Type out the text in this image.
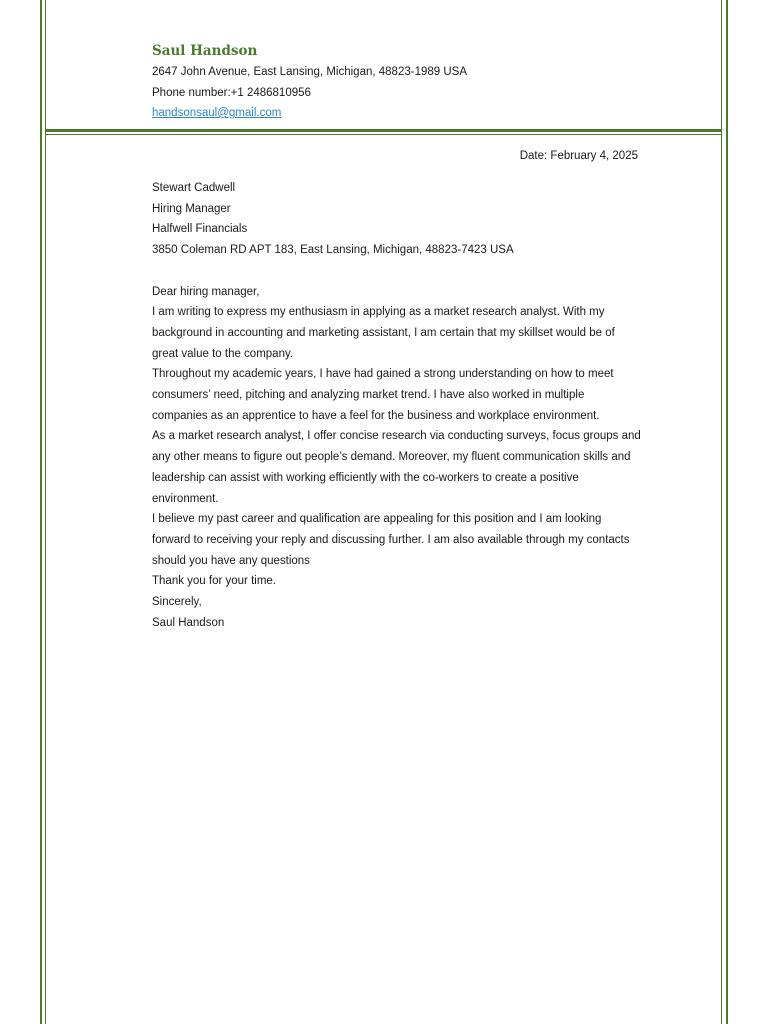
Saul Handson

2647 John Avenue, East Lansing, Michigan, 48823-1989 USA

Phone number:+1 2486810956

handsonsaul@gmail.com

Date: February 4, 2025

Stewart Cadwell

Hiring Manager

Halfwell Financials

3850 Coleman RD APT 183, East Lansing, Michigan, 48823-7423 USA

Dear hiring manager,

I am writing to express my enthusiasm in applying as a market research analyst. With my background in accounting and marketing assistant, I am certain that my skillset would be of great value to the company.

Throughout my academic years, I have had gained a strong understanding on how to meet consumers’ need, pitching and analyzing market trend. I have also worked in multiple companies as an apprentice to have a feel for the business and workplace environment.

As a market research analyst, I offer concise research via conducting surveys, focus groups and any other means to figure out people’s demand. Moreover, my fluent communication skills and leadership can assist with working efficiently with the co-workers to create a positive environment.

I believe my past career and qualification are appealing for this position and I am looking forward to receiving your reply and discussing further. I am also available through my contacts should you have any questions

Thank you for your time.

Sincerely,

Saul Handson
